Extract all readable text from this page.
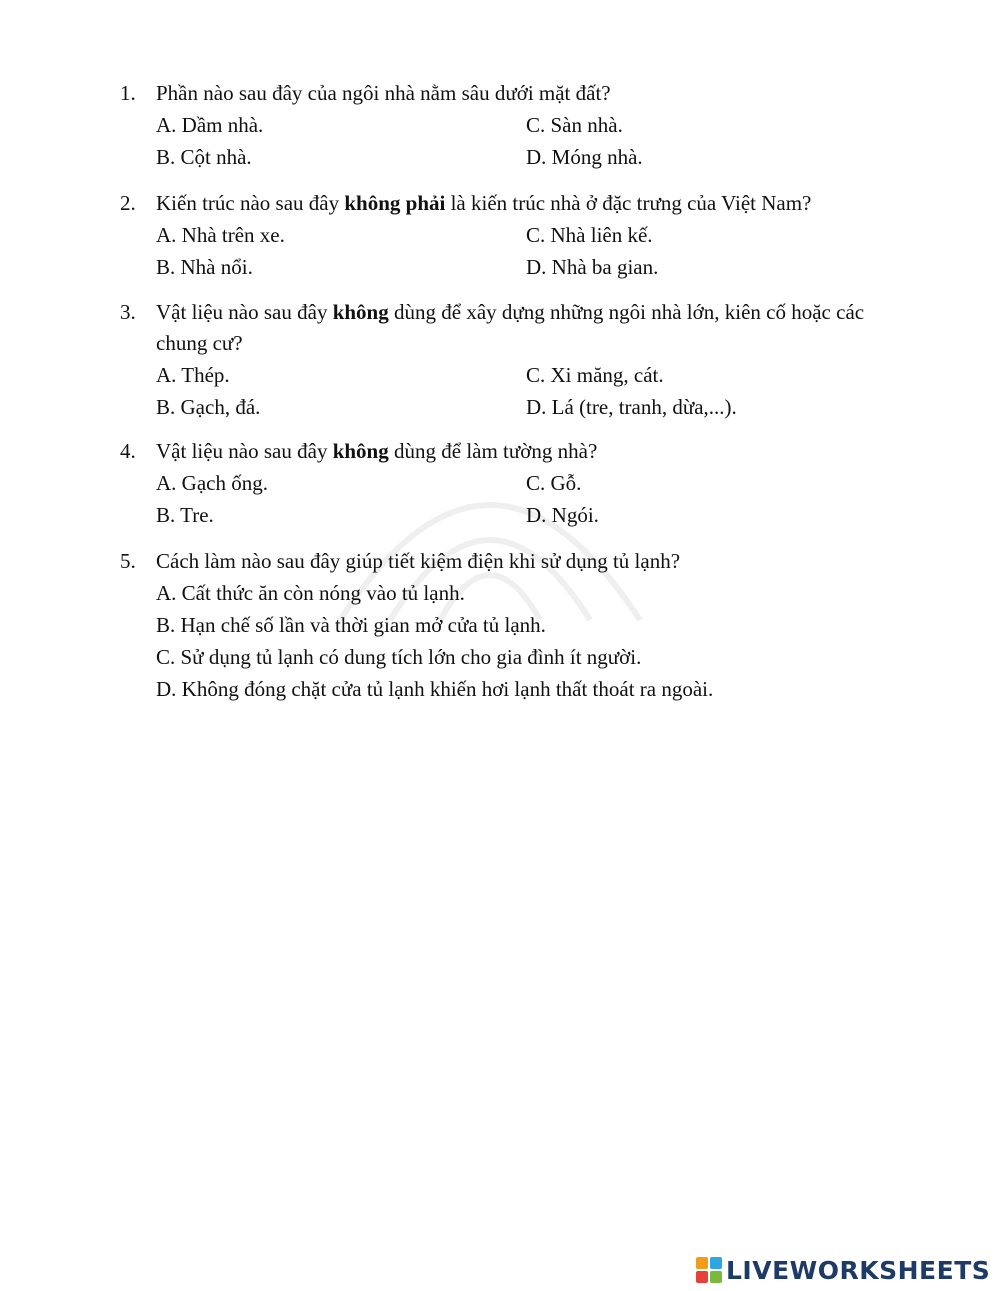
1. Phần nào sau đây của ngôi nhà nằm sâu dưới mặt đất?
A. Dầm nhà.	C. Sàn nhà.
B. Cột nhà.	D. Móng nhà.
2. Kiến trúc nào sau đây không phải là kiến trúc nhà ở đặc trưng của Việt Nam?
A. Nhà trên xe.	C. Nhà liên kế.
B. Nhà nổi.	D. Nhà ba gian.
3. Vật liệu nào sau đây không dùng để xây dựng những ngôi nhà lớn, kiên cố hoặc các chung cư?
A. Thép.	C. Xi măng, cát.
B. Gạch, đá.	D. Lá (tre, tranh, dừa,...).
4. Vật liệu nào sau đây không dùng để làm tường nhà?
A. Gạch ống.	C. Gỗ.
B. Tre.	D. Ngói.
5. Cách làm nào sau đây giúp tiết kiệm điện khi sử dụng tủ lạnh?
A. Cất thức ăn còn nóng vào tủ lạnh.
B. Hạn chế số lần và thời gian mở cửa tủ lạnh.
C. Sử dụng tủ lạnh có dung tích lớn cho gia đình ít người.
D. Không đóng chặt cửa tủ lạnh khiến hơi lạnh thất thoát ra ngoài.
LIVEWORKSHEETS
